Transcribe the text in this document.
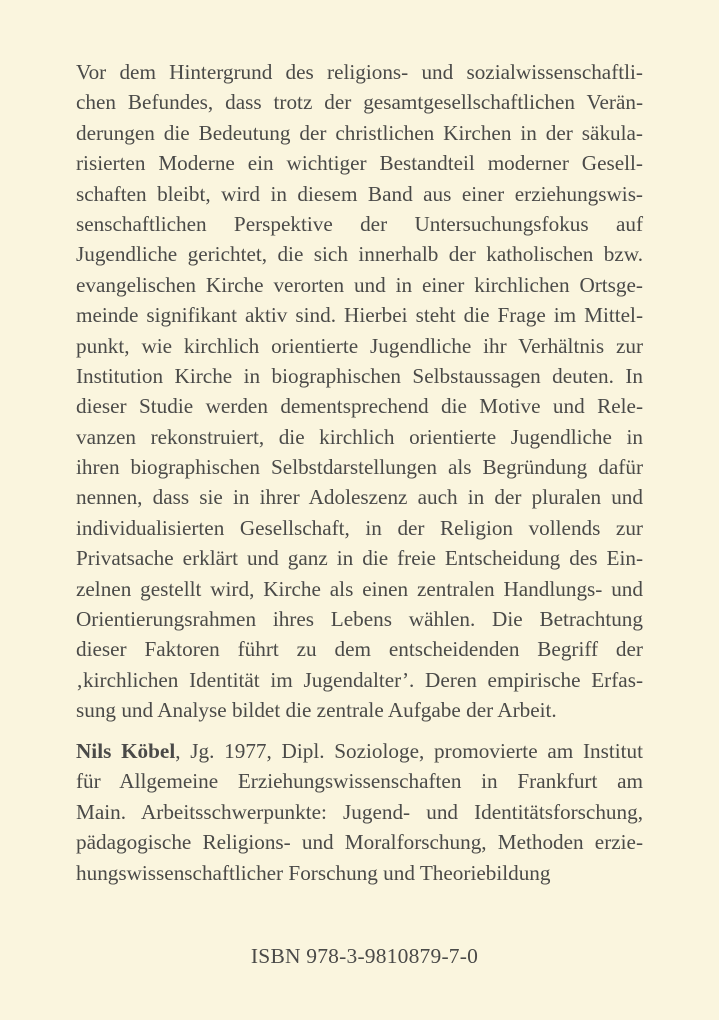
Vor dem Hintergrund des religions- und sozialwissenschaftli-
chen Befundes, dass trotz der gesamtgesellschaftlichen Verän-
derungen die Bedeutung der christlichen Kirchen in der säkula-
risierten Moderne ein wichtiger Bestandteil moderner Gesell-
schaften bleibt, wird in diesem Band aus einer erziehungswis-
senschaftlichen Perspektive der Untersuchungsfokus auf
Jugendliche gerichtet, die sich innerhalb der katholischen bzw.
evangelischen Kirche verorten und in einer kirchlichen Ortsge-
meinde signifikant aktiv sind. Hierbei steht die Frage im Mittel-
punkt, wie kirchlich orientierte Jugendliche ihr Verhältnis zur
Institution Kirche in biographischen Selbstaussagen deuten. In
dieser Studie werden dementsprechend die Motive und Rele-
vanzen rekonstruiert, die kirchlich orientierte Jugendliche in
ihren biographischen Selbstdarstellungen als Begründung dafür
nennen, dass sie in ihrer Adoleszenz auch in der pluralen und
individualisierten Gesellschaft, in der Religion vollends zur
Privatsache erklärt und ganz in die freie Entscheidung des Ein-
zelnen gestellt wird, Kirche als einen zentralen Handlungs- und
Orientierungsrahmen ihres Lebens wählen. Die Betrachtung
dieser Faktoren führt zu dem entscheidenden Begriff der
‚kirchlichen Identität im Jugendalter’. Deren empirische Erfas-
sung und Analyse bildet die zentrale Aufgabe der Arbeit.
Nils Köbel, Jg. 1977, Dipl. Soziologe, promovierte am Institut
für Allgemeine Erziehungswissenschaften in Frankfurt am
Main. Arbeitsschwerpunkte: Jugend- und Identitätsforschung,
pädagogische Religions- und Moralforschung, Methoden erzie-
hungswissenschaftlicher Forschung und Theoriebildung
ISBN 978-3-9810879-7-0
